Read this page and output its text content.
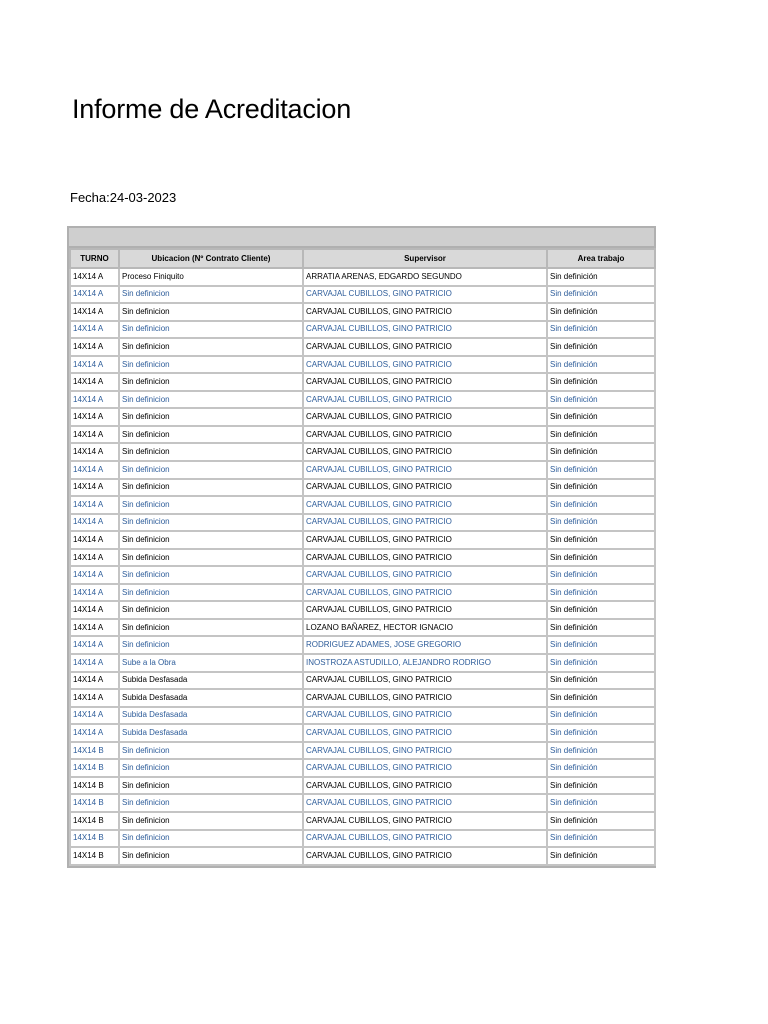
Informe de Acreditacion
Fecha:24-03-2023
TURNO	Ubicacion (Nº Contrato Cliente)	Supervisor	Area trabajo
14X14 A	Proceso Finiquito	ARRATIA ARENAS, EDGARDO SEGUNDO	Sin definición
14X14 A	Sin definicion	CARVAJAL CUBILLOS, GINO PATRICIO	Sin definición
14X14 A	Sin definicion	CARVAJAL CUBILLOS, GINO PATRICIO	Sin definición
14X14 A	Sin definicion	CARVAJAL CUBILLOS, GINO PATRICIO	Sin definición
14X14 A	Sin definicion	CARVAJAL CUBILLOS, GINO PATRICIO	Sin definición
14X14 A	Sin definicion	CARVAJAL CUBILLOS, GINO PATRICIO	Sin definición
14X14 A	Sin definicion	CARVAJAL CUBILLOS, GINO PATRICIO	Sin definición
14X14 A	Sin definicion	CARVAJAL CUBILLOS, GINO PATRICIO	Sin definición
14X14 A	Sin definicion	CARVAJAL CUBILLOS, GINO PATRICIO	Sin definición
14X14 A	Sin definicion	CARVAJAL CUBILLOS, GINO PATRICIO	Sin definición
14X14 A	Sin definicion	CARVAJAL CUBILLOS, GINO PATRICIO	Sin definición
14X14 A	Sin definicion	CARVAJAL CUBILLOS, GINO PATRICIO	Sin definición
14X14 A	Sin definicion	CARVAJAL CUBILLOS, GINO PATRICIO	Sin definición
14X14 A	Sin definicion	CARVAJAL CUBILLOS, GINO PATRICIO	Sin definición
14X14 A	Sin definicion	CARVAJAL CUBILLOS, GINO PATRICIO	Sin definición
14X14 A	Sin definicion	CARVAJAL CUBILLOS, GINO PATRICIO	Sin definición
14X14 A	Sin definicion	CARVAJAL CUBILLOS, GINO PATRICIO	Sin definición
14X14 A	Sin definicion	CARVAJAL CUBILLOS, GINO PATRICIO	Sin definición
14X14 A	Sin definicion	CARVAJAL CUBILLOS, GINO PATRICIO	Sin definición
14X14 A	Sin definicion	CARVAJAL CUBILLOS, GINO PATRICIO	Sin definición
14X14 A	Sin definicion	LOZANO BAÑAREZ, HECTOR IGNACIO	Sin definición
14X14 A	Sin definicion	RODRIGUEZ ADAMES, JOSE GREGORIO	Sin definición
14X14 A	Sube a la Obra	INOSTROZA ASTUDILLO, ALEJANDRO RODRIGO	Sin definición
14X14 A	Subida Desfasada	CARVAJAL CUBILLOS, GINO PATRICIO	Sin definición
14X14 A	Subida Desfasada	CARVAJAL CUBILLOS, GINO PATRICIO	Sin definición
14X14 A	Subida Desfasada	CARVAJAL CUBILLOS, GINO PATRICIO	Sin definición
14X14 A	Subida Desfasada	CARVAJAL CUBILLOS, GINO PATRICIO	Sin definición
14X14 B	Sin definicion	CARVAJAL CUBILLOS, GINO PATRICIO	Sin definición
14X14 B	Sin definicion	CARVAJAL CUBILLOS, GINO PATRICIO	Sin definición
14X14 B	Sin definicion	CARVAJAL CUBILLOS, GINO PATRICIO	Sin definición
14X14 B	Sin definicion	CARVAJAL CUBILLOS, GINO PATRICIO	Sin definición
14X14 B	Sin definicion	CARVAJAL CUBILLOS, GINO PATRICIO	Sin definición
14X14 B	Sin definicion	CARVAJAL CUBILLOS, GINO PATRICIO	Sin definición
14X14 B	Sin definicion	CARVAJAL CUBILLOS, GINO PATRICIO	Sin definición
